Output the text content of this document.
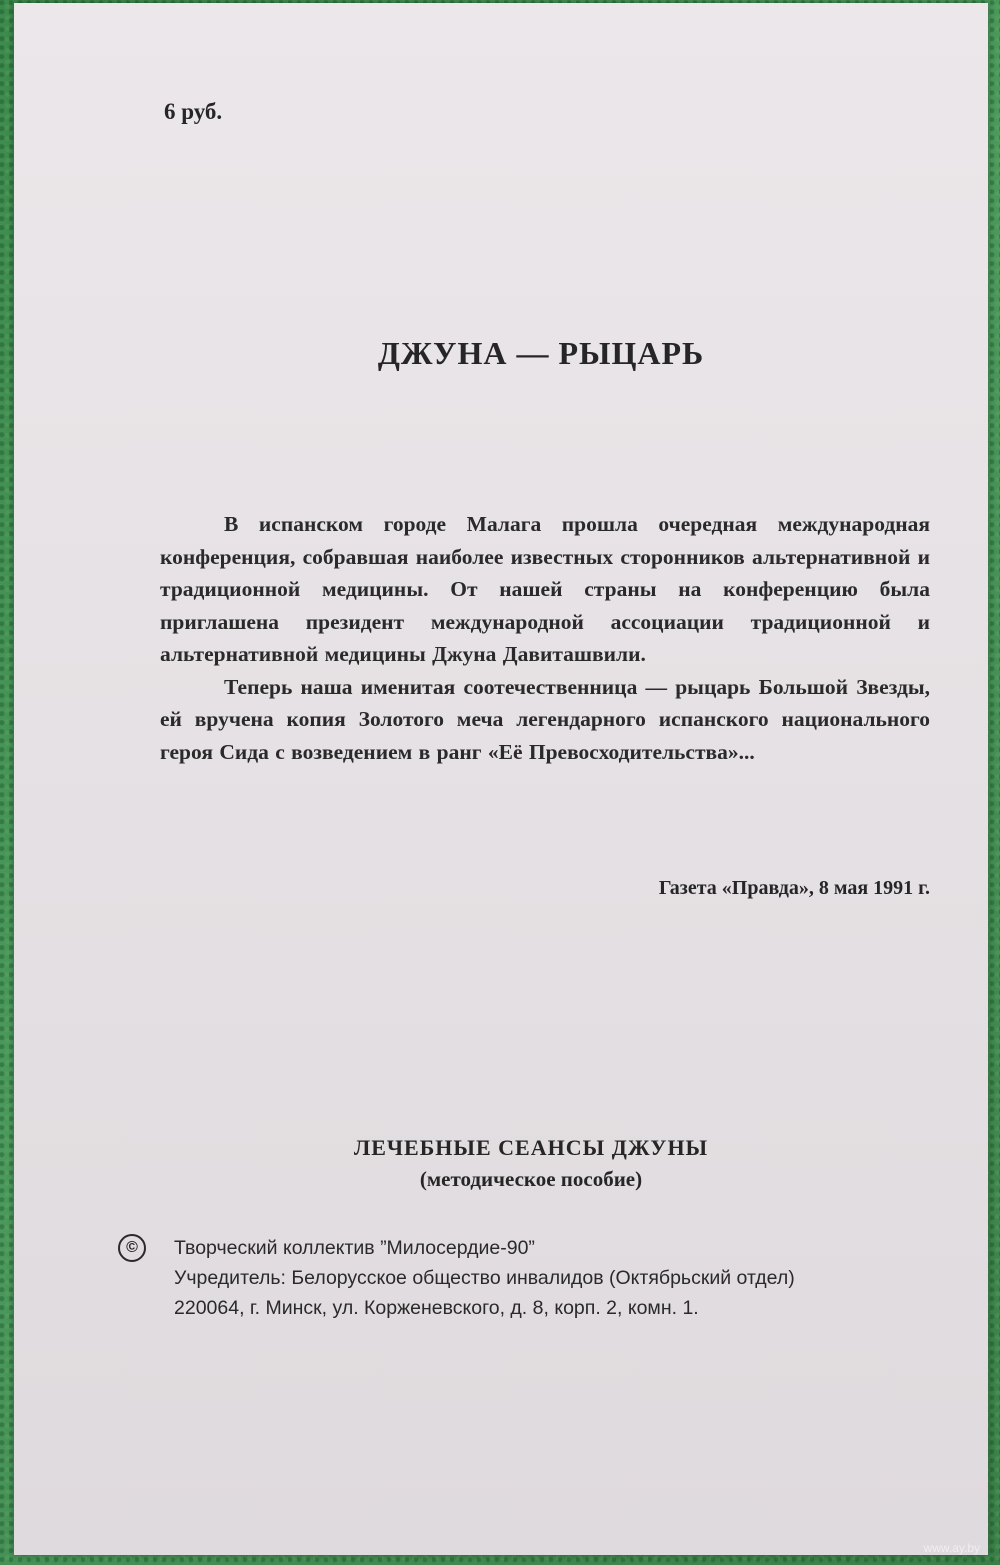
6 руб.
ДЖУНА — РЫЦАРЬ

В испанском городе Малага прошла очередная международная конференция, собравшая наиболее известных сторонников альтернативной и традиционной медицины. От нашей страны на конференцию была приглашена президент международной ассоциации традиционной и альтернативной медицины Джуна Давиташвили.

Теперь наша именитая соотечественница — рыцарь Большой Звезды, ей вручена копия Золотого меча легендарного испанского национального героя Сида с возведением в ранг «Её Превосходительства»...

Газета «Правда», 8 мая 1991 г.
ЛЕЧЕБНЫЕ СЕАНСЫ ДЖУНЫ
(методическое пособие)
©	Творческий коллектив ”Милосердие-90”
Учредитель: Белорусское общество инвалидов (Октябрьский отдел)
220064, г. Минск, ул. Корженевского, д. 8, корп. 2, комн. 1.
www.ay.by
